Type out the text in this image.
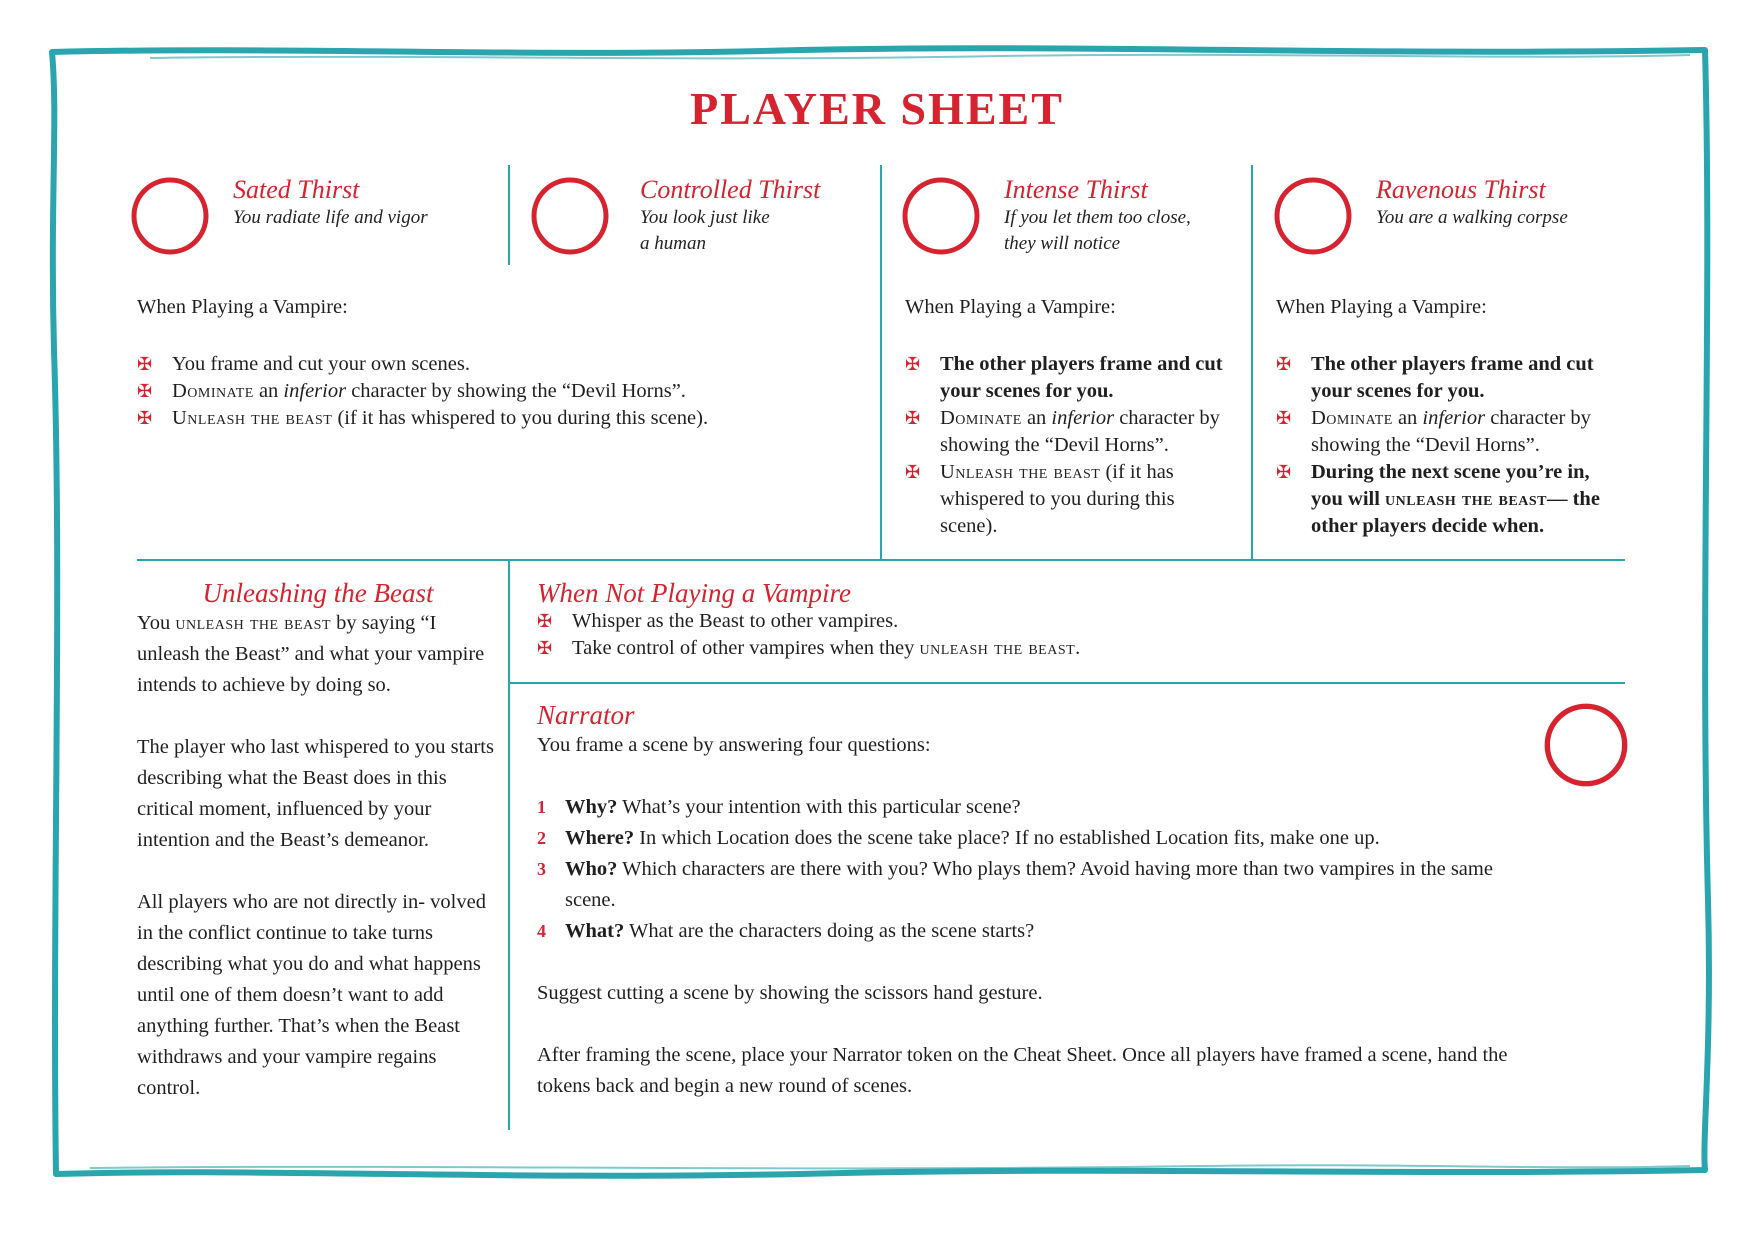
PLAYER SHEET
Sated Thirst
You radiate life and vigor
Controlled Thirst
You look just like
a human
Intense Thirst
If you let them too close,
they will notice
Ravenous Thirst
You are a walking corpse
When Playing a Vampire:
✠ You frame and cut your own scenes.
✠ Dominate an inferior character by showing the “Devil Horns”.
✠ Unleash the beast (if it has whispered to you during this scene).
When Playing a Vampire:
✠ The other players frame and cut your scenes for you.
✠ Dominate an inferior character by showing the “Devil Horns”.
✠ Unleash the beast (if it has whispered to you during this scene).
When Playing a Vampire:
✠ The other players frame and cut your scenes for you.
✠ Dominate an inferior character by showing the “Devil Horns”.
✠ During the next scene you’re in, you will unleash the beast— the other players decide when.
Unleashing the Beast
You unleash the beast by saying “I unleash the Beast” and what your vampire intends to achieve by doing so.
The player who last whispered to you starts describing what the Beast does in this critical moment, influenced by your intention and the Beast’s demeanor.
All players who are not directly in- volved in the conflict continue to take turns describing what you do and what happens until one of them doesn’t want to add anything further. That’s when the Beast withdraws and your vampire regains control.
When Not Playing a Vampire
✠ Whisper as the Beast to other vampires.
✠ Take control of other vampires when they unleash the beast.
Narrator
You frame a scene by answering four questions:
1 Why? What’s your intention with this particular scene?
2 Where? In which Location does the scene take place? If no established Location fits, make one up.
3 Who? Which characters are there with you? Who plays them? Avoid having more than two vampires in the same scene.
4 What? What are the characters doing as the scene starts?
Suggest cutting a scene by showing the scissors hand gesture.
After framing the scene, place your Narrator token on the Cheat Sheet. Once all players have framed a scene, hand the tokens back and begin a new round of scenes.
